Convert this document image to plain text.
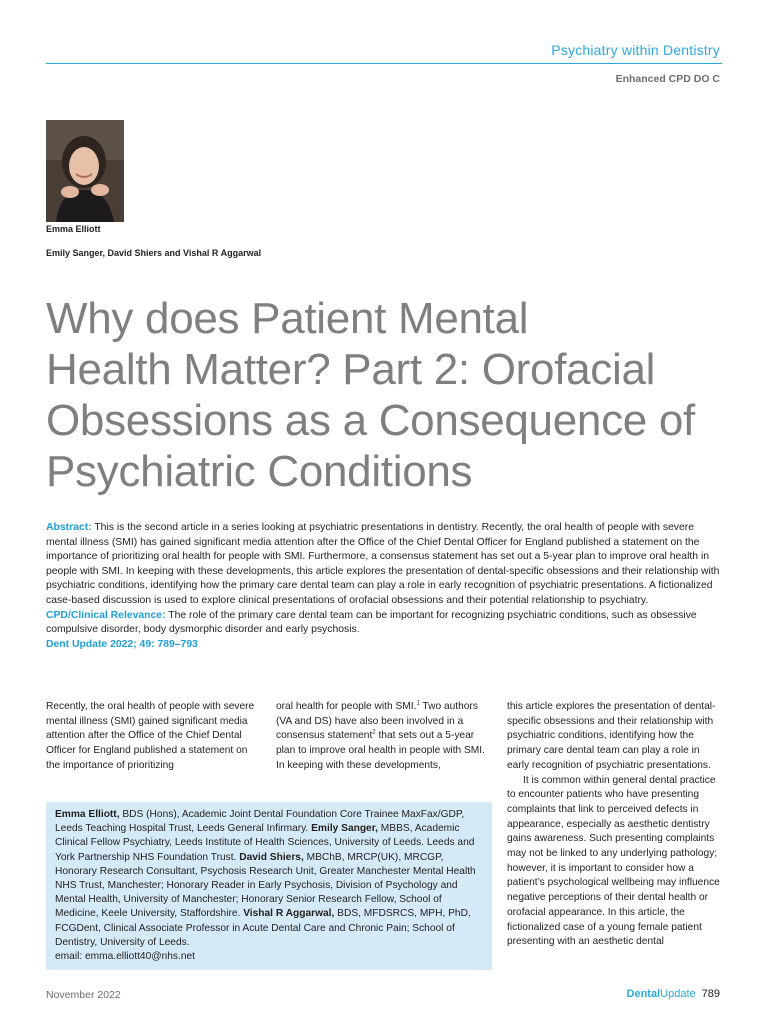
Psychiatry within Dentistry
Enhanced CPD DO C
Emma Elliott
Emily Sanger, David Shiers and Vishal R Aggarwal
Why does Patient Mental
Health Matter? Part 2: Orofacial
Obsessions as a Consequence of
Psychiatric Conditions

Abstract: This is the second article in a series looking at psychiatric presentations in dentistry. Recently, the oral health of people with severe mental illness (SMI) has gained significant media attention after the Office of the Chief Dental Officer for England published a statement on the importance of prioritizing oral health for people with SMI. Furthermore, a consensus statement has set out a 5-year plan to improve oral health in people with SMI. In keeping with these developments, this article explores the presentation of dental-specific obsessions and their relationship with psychiatric conditions, identifying how the primary care dental team can play a role in early recognition of psychiatric presentations. A fictionalized case-based discussion is used to explore clinical presentations of orofacial obsessions and their potential relationship to psychiatry.

CPD/Clinical Relevance: The role of the primary care dental team can be important for recognizing psychiatric conditions, such as obsessive compulsive disorder, body dysmorphic disorder and early psychosis.

Dent Update 2022; 49: 789–793

Recently, the oral health of people with severe mental illness (SMI) gained significant media attention after the Office of the Chief Dental Officer for England published a statement on the importance of prioritizing

oral health for people with SMI.$^1$ Two authors (VA and DS) have also been involved in a consensus statement$^2$ that sets out a 5-year plan to improve oral health in people with SMI. In keeping with these developments,

this article explores the presentation of dental-specific obsessions and their relationship with psychiatric conditions, identifying how the primary care dental team can play a role in early recognition of psychiatric presentations.

It is common within general dental practice to encounter patients who have presenting complaints that link to perceived defects in appearance, especially as aesthetic dentistry gains awareness. Such presenting complaints may not be linked to any underlying pathology; however, it is important to consider how a patient’s psychological wellbeing may influence negative perceptions of their dental health or orofacial appearance. In this article, the fictionalized case of a young female patient presenting with an aesthetic dental

Emma Elliott, BDS (Hons), Academic Joint Dental Foundation Core Trainee MaxFax/GDP, Leeds Teaching Hospital Trust, Leeds General Infirmary. Emily Sanger, MBBS, Academic Clinical Fellow Psychiatry, Leeds Institute of Health Sciences, University of Leeds. Leeds and York Partnership NHS Foundation Trust. David Shiers, MBChB, MRCP(UK), MRCGP, Honorary Research Consultant, Psychosis Research Unit, Greater Manchester Mental Health NHS Trust, Manchester; Honorary Reader in Early Psychosis, Division of Psychology and Mental Health, University of Manchester; Honorary Senior Research Fellow, School of Medicine, Keele University, Staffordshire. Vishal R Aggarwal, BDS, MFDSRCS, MPH, PhD, FCGDent, Clinical Associate Professor in Acute Dental Care and Chronic Pain; School of Dentistry, University of Leeds.
email: emma.elliott40@nhs.net
November 2022	DentalUpdate 789
